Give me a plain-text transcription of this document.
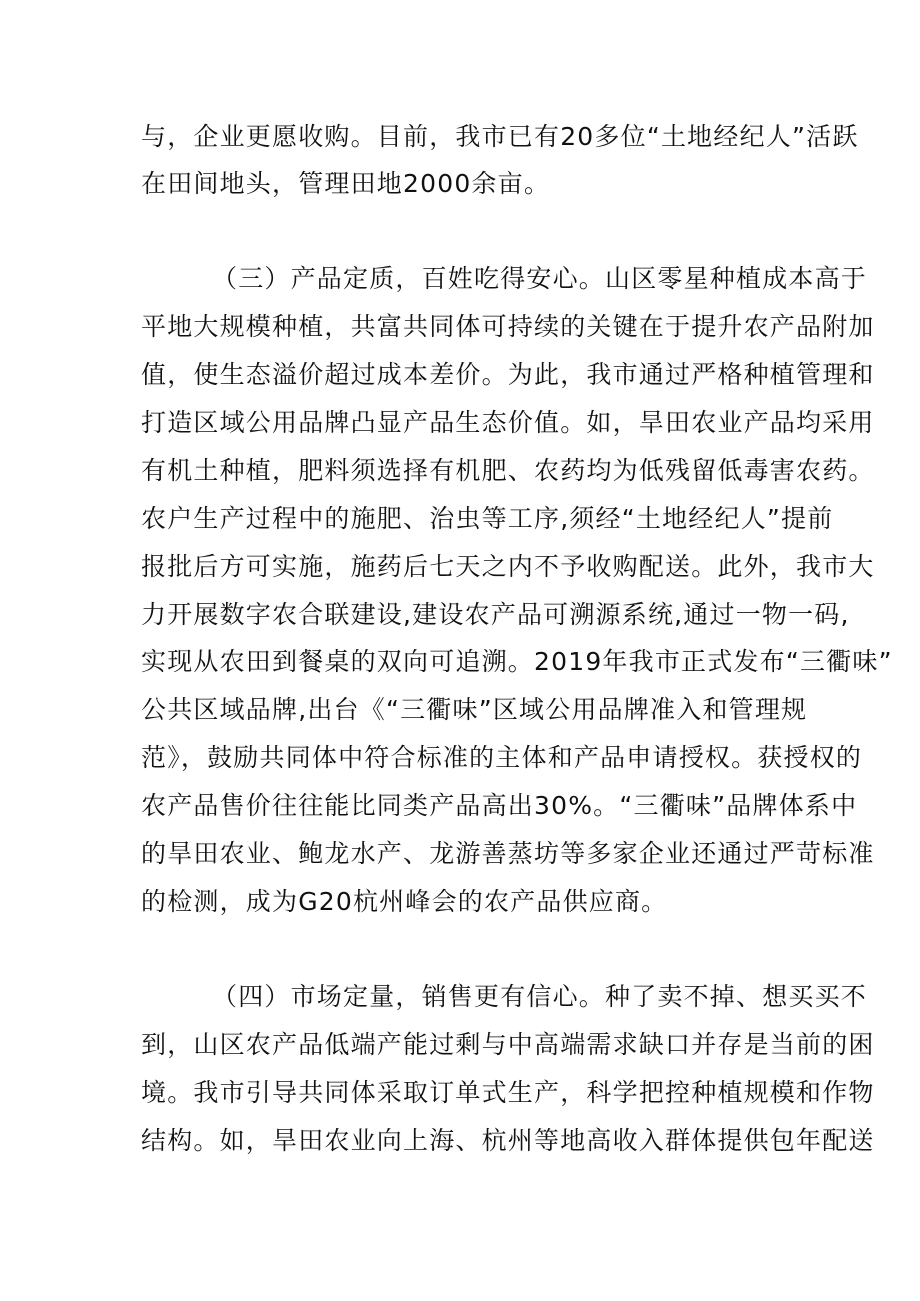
与，企业更愿收购。目前，我市已有20多位“土地经纪人”活跃
在田间地头，管理田地2000余亩。
（三）产品定质，百姓吃得安心。山区零星种植成本高于
平地大规模种植，共富共同体可持续的关键在于提升农产品附加
值，使生态溢价超过成本差价。为此，我市通过严格种植管理和
打造区域公用品牌凸显产品生态价值。如，旱田农业产品均采用
有机土种植，肥料须选择有机肥、农药均为低残留低毒害农药。
农户生产过程中的施肥、治虫等工序,须经“土地经纪人”提前
报批后方可实施，施药后七天之内不予收购配送。此外，我市大
力开展数字农合联建设,建设农产品可溯源系统,通过一物一码,
实现从农田到餐桌的双向可追溯。2019年我市正式发布“三衢味”
公共区域品牌,出台《“三衢味”区域公用品牌准入和管理规
范》，鼓励共同体中符合标准的主体和产品申请授权。获授权的
农产品售价往往能比同类产品高出30%。“三衢味”品牌体系中
的旱田农业、鲍龙水产、龙游善蒸坊等多家企业还通过严苛标准
的检测，成为G20杭州峰会的农产品供应商。
（四）市场定量，销售更有信心。种了卖不掉、想买买不
到，山区农产品低端产能过剩与中高端需求缺口并存是当前的困
境。我市引导共同体采取订单式生产，科学把控种植规模和作物
结构。如，旱田农业向上海、杭州等地高收入群体提供包年配送
